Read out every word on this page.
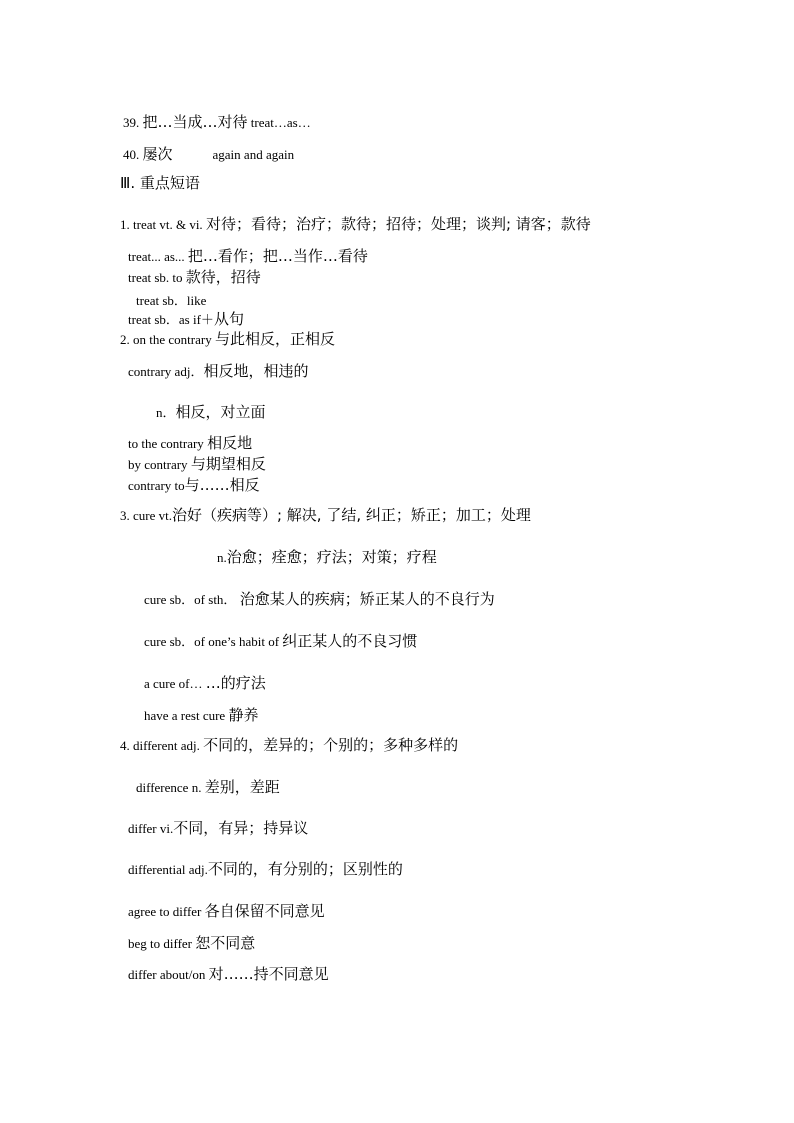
39. 把…当成…对待 treat…as…
40. 屡次	again and again
Ⅲ. 重点短语
1. treat vt. & vi. 对待；看待；治疗；款待；招待；处理；谈判; 请客；款待
treat... as... 把…看作；把…当作…看待
treat sb. to 款待，招待
treat sb．like
treat sb．as if＋从句
2. on the contrary 与此相反，正相反
contrary adj．相反地，相违的
n．相反，对立面
to the contrary 相反地
by contrary 与期望相反
contrary to与……相反
3. cure vt.治好（疾病等）; 解决, 了结, 纠正；矫正；加工；处理
n.治愈；痊愈；疗法；对策；疗程
cure sb．of sth． 治愈某人的疾病；矫正某人的不良行为
cure sb．of one’s habit of 纠正某人的不良习惯
a cure of… …的疗法
have a rest cure 静养
4. different adj. 不同的，差异的；个别的；多种多样的
difference n. 差别，差距
differ vi.不同，有异；持异议
differential adj.不同的，有分别的；区别性的
agree to differ 各自保留不同意见
beg to differ 恕不同意
differ about/on 对……持不同意见
